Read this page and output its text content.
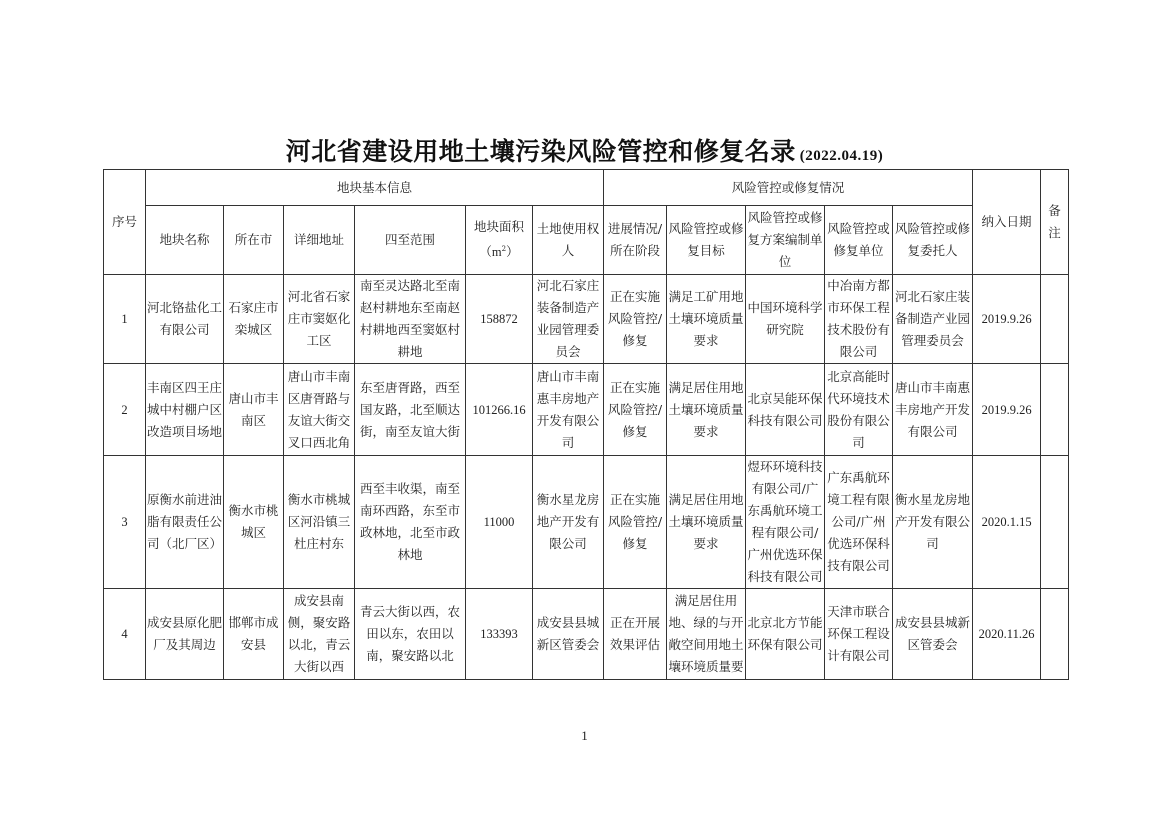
河北省建设用地土壤污染风险管控和修复名录 (2022.04.19)
序号	地块基本信息						风险管控或修复情况					纳入日期	备注
	地块名称	所在市	详细地址	四至范围	地块面积
$(m^2)$	土地使用权人	进展情况/所在阶段	风险管控或修复目标	风险管控或修复方案编制单位	风险管控或修复单位	风险管控或修复委托人		
1	河北铬盐化工有限公司	石家庄市栾城区	河北省石家庄市窦妪化工区	南至灵达路北至南赵村耕地东至南赵村耕地西至窦妪村耕地	158872	河北石家庄装备制造产业园管理委员会	正在实施风险管控/修复	满足工矿用地土壤环境质量要求	中国环境科学研究院	中冶南方都市环保工程技术股份有限公司	河北石家庄装备制造产业园管理委员会	2019.9.26	
2	丰南区四王庄城中村棚户区改造项目场地	唐山市丰南区	唐山市丰南区唐胥路与友谊大街交叉口西北角	东至唐胥路，西至国友路，北至顺达街，南至友谊大街	101266.16	唐山市丰南惠丰房地产开发有限公司	正在实施风险管控/修复	满足居住用地土壤环境质量要求	北京吴能环保科技有限公司	北京高能时代环境技术股份有限公司	唐山市丰南惠丰房地产开发有限公司	2019.9.26	
3	原衡水前进油脂有限责任公司（北厂区）	衡水市桃城区	衡水市桃城区河沿镇三杜庄村东	西至丰收渠，南至南环西路，东至市政林地，北至市政林地	11000	衡水星龙房地产开发有限公司	正在实施风险管控/修复	满足居住用地土壤环境质量要求	煜环环境科技有限公司/广东禹航环境工程有限公司/广州优选环保科技有限公司	广东禹航环境工程有限公司/广州优选环保科技有限公司	衡水星龙房地产开发有限公司	2020.1.15	
4	成安县原化肥厂及其周边	邯郸市成安县	成安县南侧，聚安路以北，青云大街以西	青云大街以西，农田以东，农田以南，聚安路以北	133393	成安县县城新区管委会	正在开展效果评估	满足居住用地、绿的与开敞空间用地土壤环境质量要	北京北方节能环保有限公司	天津市联合环保工程设计有限公司	成安县县城新区管委会	2020.11.26	
1
